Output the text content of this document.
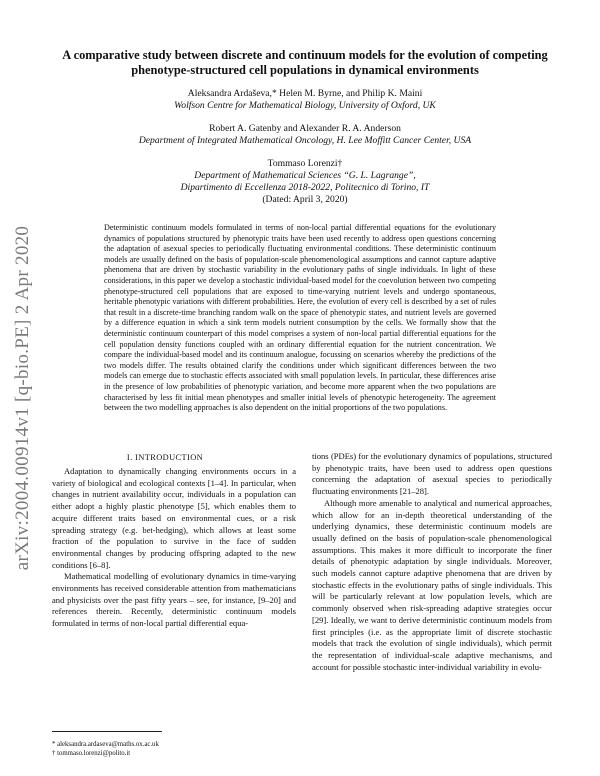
arXiv:2004.00914v1 [q-bio.PE] 2 Apr 2020
A comparative study between discrete and continuum models for the evolution of competing phenotype-structured cell populations in dynamical environments
Aleksandra Ardaševa,* Helen M. Byrne, and Philip K. Maini
Wolfson Centre for Mathematical Biology, University of Oxford, UK
Robert A. Gatenby and Alexander R. A. Anderson
Department of Integrated Mathematical Oncology, H. Lee Moffitt Cancer Center, USA
Tommaso Lorenzi†
Department of Mathematical Sciences “G. L. Lagrange”,
Dipartimento di Eccellenza 2018-2022, Politecnico di Torino, IT
(Dated: April 3, 2020)
Deterministic continuum models formulated in terms of non-local partial differential equations for the evolutionary dynamics of populations structured by phenotypic traits have been used recently to address open questions concerning the adaptation of asexual species to periodically fluctuating environmental conditions. These deterministic continuum models are usually defined on the basis of population-scale phenomenological assumptions and cannot capture adaptive phenomena that are driven by stochastic variability in the evolutionary paths of single individuals. In light of these considerations, in this paper we develop a stochastic individual-based model for the coevolution between two competing phenotype-structured cell populations that are exposed to time-varying nutrient levels and undergo spontaneous, heritable phenotypic variations with different probabilities. Here, the evolution of every cell is described by a set of rules that result in a discrete-time branching random walk on the space of phenotypic states, and nutrient levels are governed by a difference equation in which a sink term models nutrient consumption by the cells. We formally show that the deterministic continuum counterpart of this model comprises a system of non-local partial differential equations for the cell population density functions coupled with an ordinary differential equation for the nutrient concentration. We compare the individual-based model and its continuum analogue, focussing on scenarios whereby the predictions of the two models differ. The results obtained clarify the conditions under which significant differences between the two models can emerge due to stochastic effects associated with small population levels. In particular, these differences arise in the presence of low probabilities of phenotypic variation, and become more apparent when the two populations are characterised by less fit initial mean phenotypes and smaller initial levels of phenotypic heterogeneity. The agreement between the two modelling approaches is also dependent on the initial proportions of the two populations.
I. INTRODUCTION

Adaptation to dynamically changing environments occurs in a variety of biological and ecological contexts [1–4]. In particular, when changes in nutrient availability occur, individuals in a population can either adopt a highly plastic phenotype [5], which enables them to acquire different traits based on environmental cues, or a risk spreading strategy (e.g. bet-hedging), which allows at least some fraction of the population to survive in the face of sudden environmental changes by producing offspring adapted to the new conditions [6–8].

Mathematical modelling of evolutionary dynamics in time-varying environments has received considerable attention from mathematicians and physicists over the past fifty years – see, for instance, [9–20] and references therein. Recently, deterministic continuum models formulated in terms of non-local partial differential equa-

tions (PDEs) for the evolutionary dynamics of populations, structured by phenotypic traits, have been used to address open questions concerning the adaptation of asexual species to periodically fluctuating environments [21–28].

Although more amenable to analytical and numerical approaches, which allow for an in-depth theoretical understanding of the underlying dynamics, these deterministic continuum models are usually defined on the basis of population-scale phenomenological assumptions. This makes it more difficult to incorporate the finer details of phenotypic adaptation by single individuals. Moreover, such models cannot capture adaptive phenomena that are driven by stochastic effects in the evolutionary paths of single individuals. This will be particularly relevant at low population levels, which are commonly observed when risk-spreading adaptive strategies occur [29]. Ideally, we want to derive deterministic continuum models from first principles (i.e. as the appropriate limit of discrete stochastic models that track the evolution of single individuals), which permit the representation of individual-scale adaptive mechanisms, and account for possible stochastic inter-individual variability in evolu-

* aleksandra.ardaseva@maths.ox.ac.uk
† tommaso.lorenzi@polito.it
